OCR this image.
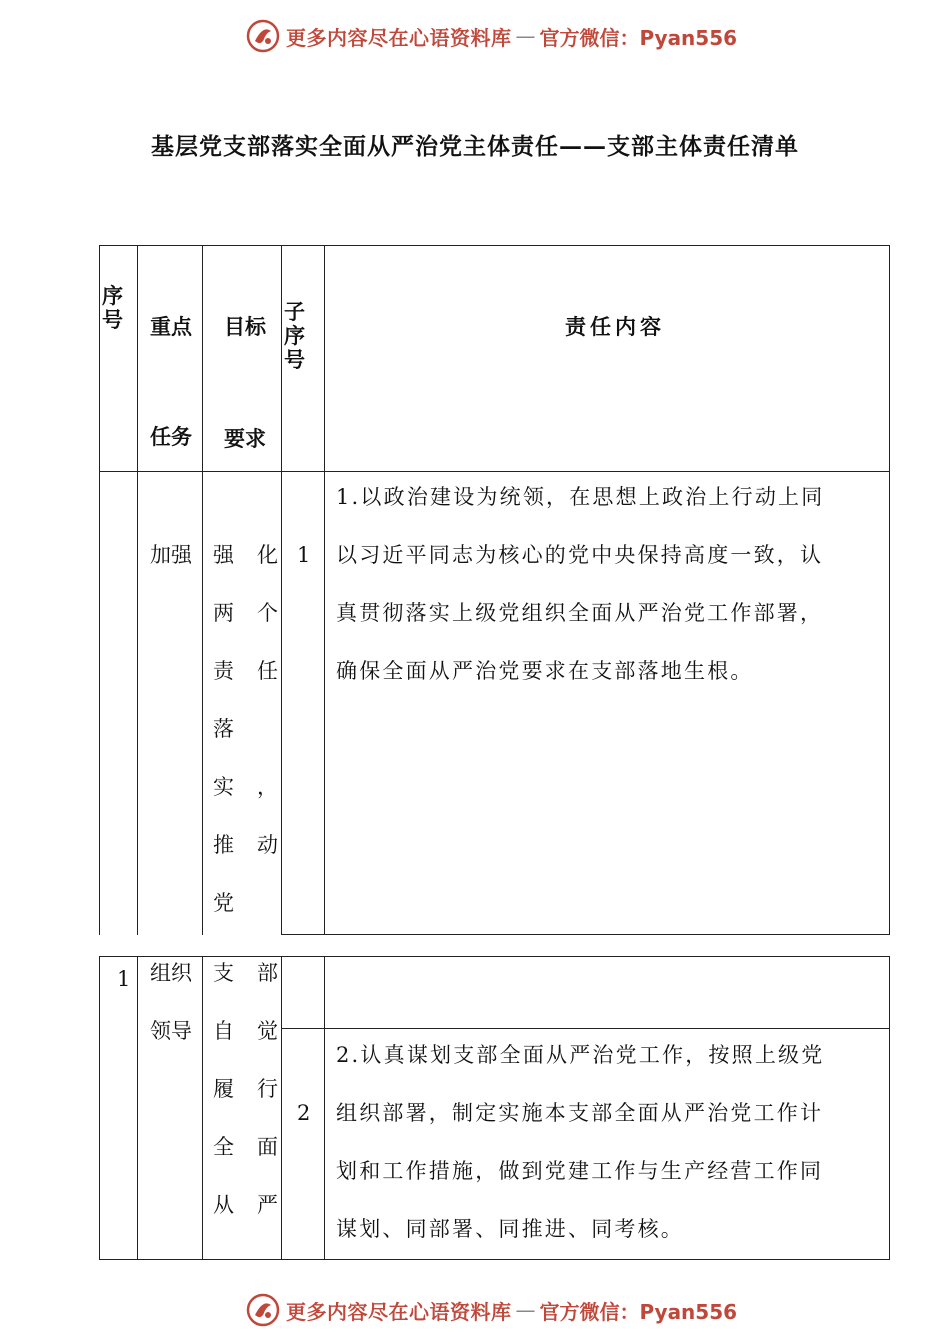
更多内容尽在心语资料库 — 官方微信：Pyan556
基层党支部落实全面从严治党主体责任——支部主体责任清单
序号 重点
任务
目标
要求
子序号
责任内容
加强	1
强 化
两 个
责 任
落
实 ，
推 动
党
1.以政治建设为统领，在思想上政治上行动上同
以习近平同志为核心的党中央保持高度一致，认
真贯彻落实上级党组织全面从严治党工作部署，
确保全面从严治党要求在支部落地生根。
1 组织
领导
支 部
自 觉
履 行
全 面
从 严
2
2.认真谋划支部全面从严治党工作，按照上级党
组织部署，制定实施本支部全面从严治党工作计
划和工作措施，做到党建工作与生产经营工作同
谋划、同部署、同推进、同考核。
更多内容尽在心语资料库 — 官方微信：Pyan556
